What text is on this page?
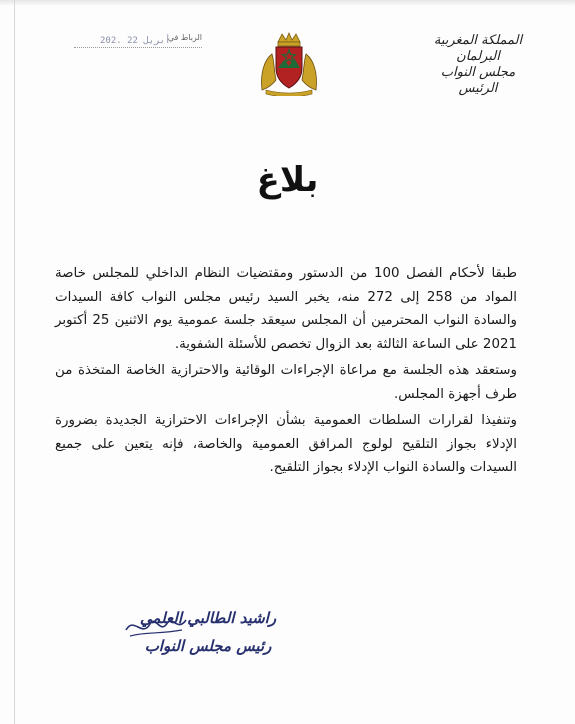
المملكة المغربية
البرلمان
مجلس النواب
الرئيس
الرباط في
202. أبريل 22
بلاغ

طبقا لأحكام الفصل 100 من الدستور ومقتضيات النظام الداخلي للمجلس خاصة المواد من 258 إلى 272 منه، يخبر السيد رئيس مجلس النواب كافة السيدات والسادة النواب المحترمين أن المجلس سيعقد جلسة عمومية يوم الاثنين 25 أكتوبر 2021 على الساعة الثالثة بعد الزوال تخصص للأسئلة الشفوية.

وستعقد هذه الجلسة مع مراعاة الإجراءات الوقائية والاحترازية الخاصة المتخذة من طرف أجهزة المجلس.

وتنفيذا لقرارات السلطات العمومية بشأن الإجراءات الاحترازية الجديدة بضرورة الإدلاء بجواز التلقيح لولوج المرافق العمومية والخاصة، فإنه يتعين على جميع السيدات والسادة النواب الإدلاء بجواز التلقيح.

راشيد الطالبي العلمي
رئيس مجلس النواب
